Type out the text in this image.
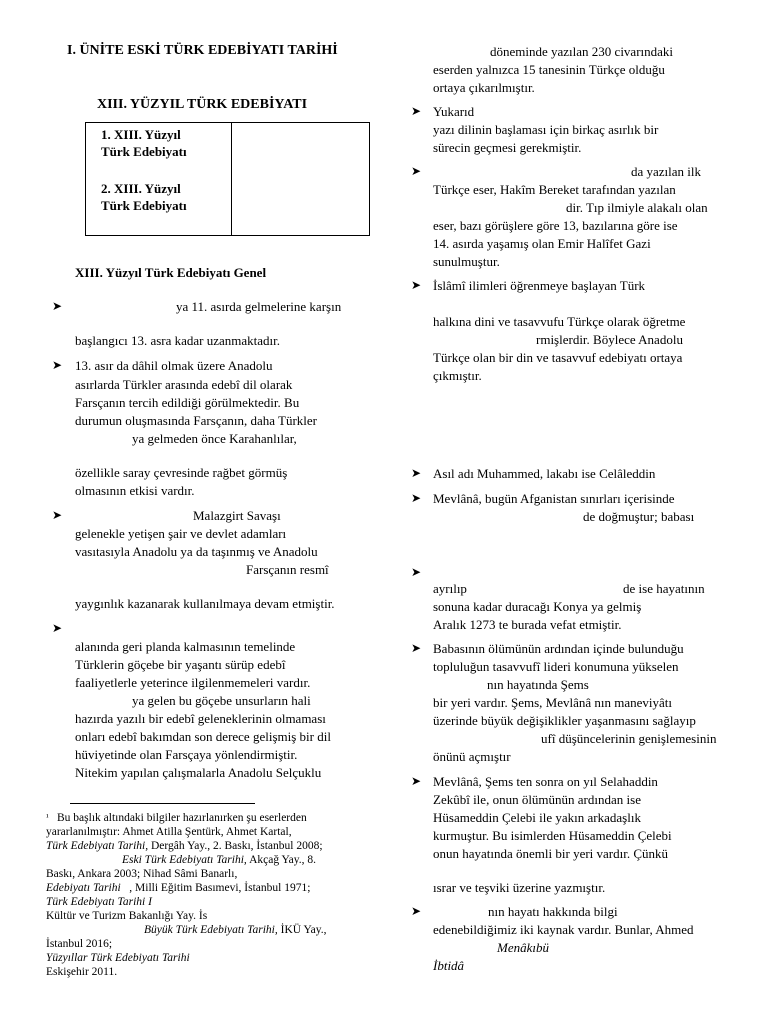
I. ÜNİTE ESKİ TÜRK EDEBİYATI TARİHİ
XIII. YÜZYIL TÜRK EDEBİYATI
1. XIII. Yüzyıl
Türk Edebiyatı
2. XIII. Yüzyıl
Türk Edebiyatı
XIII. Yüzyıl Türk Edebiyatı Genel
➤	ya 11. asırda gelmelerine karşın
başlangıcı 13. asra kadar uzanmaktadır.
➤ 13. asır da dâhil olmak üzere Anadolu
asırlarda Türkler arasında edebî dil olarak
Farsçanın tercih edildiği görülmektedir. Bu
durumun oluşmasında Farsçanın, daha Türkler
ya gelmeden önce Karahanlılar,
özellikle saray çevresinde rağbet görmüş
olmasının etkisi vardır.
➤	Malazgirt Savaşı
gelenekle yetişen şair ve devlet adamları
vasıtasıyla Anadolu ya da taşınmış ve Anadolu
Farsçanın resmî
yaygınlık kazanarak kullanılmaya devam etmiştir.
➤
alanında geri planda kalmasının temelinde
Türklerin göçebe bir yaşantı sürüp edebî
faaliyetlerle yeterince ilgilenmemeleri vardır.
ya gelen bu göçebe unsurların hali
hazırda yazılı bir edebî geleneklerinin olmaması
onları edebî bakımdan son derece gelişmiş bir dil
hüviyetinde olan Farsçaya yönlendirmiştir.
Nitekim yapılan çalışmalarla Anadolu Selçuklu
¹ Bu başlık altındaki bilgiler hazırlanırken şu eserlerden
yararlanılmıştır: Ahmet Atilla Şentürk, Ahmet Kartal,
Türk Edebiyatı Tarihi, Dergâh Yay., 2. Baskı, İstanbul 2008;
Eski Türk Edebiyatı Tarihi, Akçağ Yay., 8.
Baskı, Ankara 2003; Nihad Sâmi Banarlı,
Edebiyatı Tarihi , Milli Eğitim Basımevi, İstanbul 1971;
Türk Edebiyatı Tarihi I
Kültür ve Turizm Bakanlığı Yay. İs
Büyük Türk Edebiyatı Tarihi, İKÜ Yay.,
İstanbul 2016;
Yüzyıllar Türk Edebiyatı Tarihi
Eskişehir 2011.
döneminde yazılan 230 civarındaki
eserden yalnızca 15 tanesinin Türkçe olduğu
ortaya çıkarılmıştır.
➤ Yukarıd
yazı dilinin başlaması için birkaç asırlık bir
sürecin geçmesi gerekmiştir.
➤	da yazılan ilk
Türkçe eser, Hakîm Bereket tarafından yazılan
dir. Tıp ilmiyle alakalı olan
eser, bazı görüşlere göre 13, bazılarına göre ise
14. asırda yaşamış olan Emir Halîfet Gazi
sunulmuştur.
➤ İslâmî ilimleri öğrenmeye başlayan Türk
halkına dini ve tasavvufu Türkçe olarak öğretme
rmişlerdir. Böylece Anadolu
Türkçe olan bir din ve tasavvuf edebiyatı ortaya
çıkmıştır.
➤ Asıl adı Muhammed, lakabı ise Celâleddin
➤ Mevlânâ, bugün Afganistan sınırları içerisinde
de doğmuştur; babası
➤
ayrılıp	de ise hayatının
sonuna kadar duracağı Konya ya gelmiş
Aralık 1273 te burada vefat etmiştir.
➤ Babasının ölümünün ardından içinde bulunduğu
topluluğun tasavvufî lideri konumuna yükselen
nın hayatında Şems
bir yeri vardır. Şems, Mevlânâ nın maneviyâtı
üzerinde büyük değişiklikler yaşanmasını sağlayıp
ufî düşüncelerinin genişlemesinin
önünü açmıştır
➤ Mevlânâ, Şems ten sonra on yıl Selahaddin
Zekûbî ile, onun ölümünün ardından ise
Hüsameddin Çelebi ile yakın arkadaşlık
kurmuştur. Bu isimlerden Hüsameddin Çelebi
onun hayatında önemli bir yeri vardır. Çünkü
ısrar ve teşviki üzerine yazmıştır.
➤	nın hayatı hakkında bilgi
edenebildiğimiz iki kaynak vardır. Bunlar, Ahmed
Menâkıbü
İbtidâ
